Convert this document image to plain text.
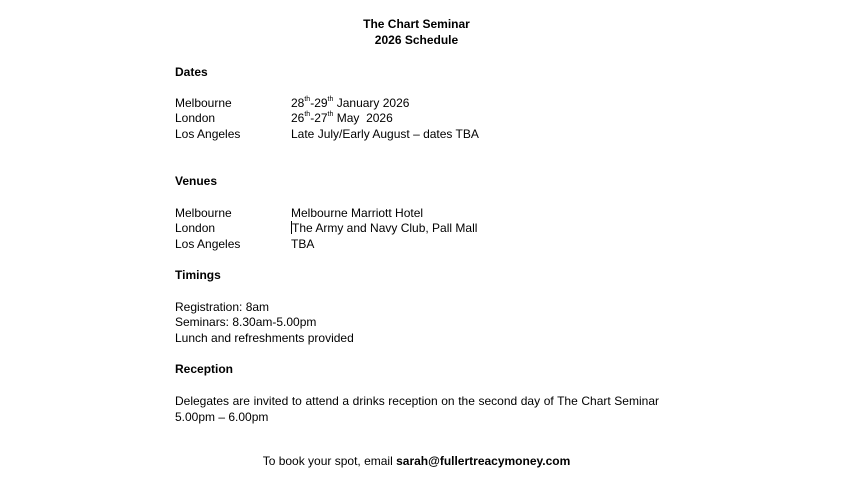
The Chart Seminar
2026 Schedule
Dates
Melbourne	28th-29th January 2026
London	26th-27th May  2026
Los Angeles	Late July/Early August – dates TBA
Venues
Melbourne	Melbourne Marriott Hotel
London	The Army and Navy Club, Pall Mall
Los Angeles	TBA
Timings
Registration: 8am
Seminars: 8.30am-5.00pm
Lunch and refreshments provided
Reception
Delegates are invited to attend a drinks reception on the second day of The Chart Seminar
5.00pm – 6.00pm
To book your spot, email sarah@fullertreacymoney.com
